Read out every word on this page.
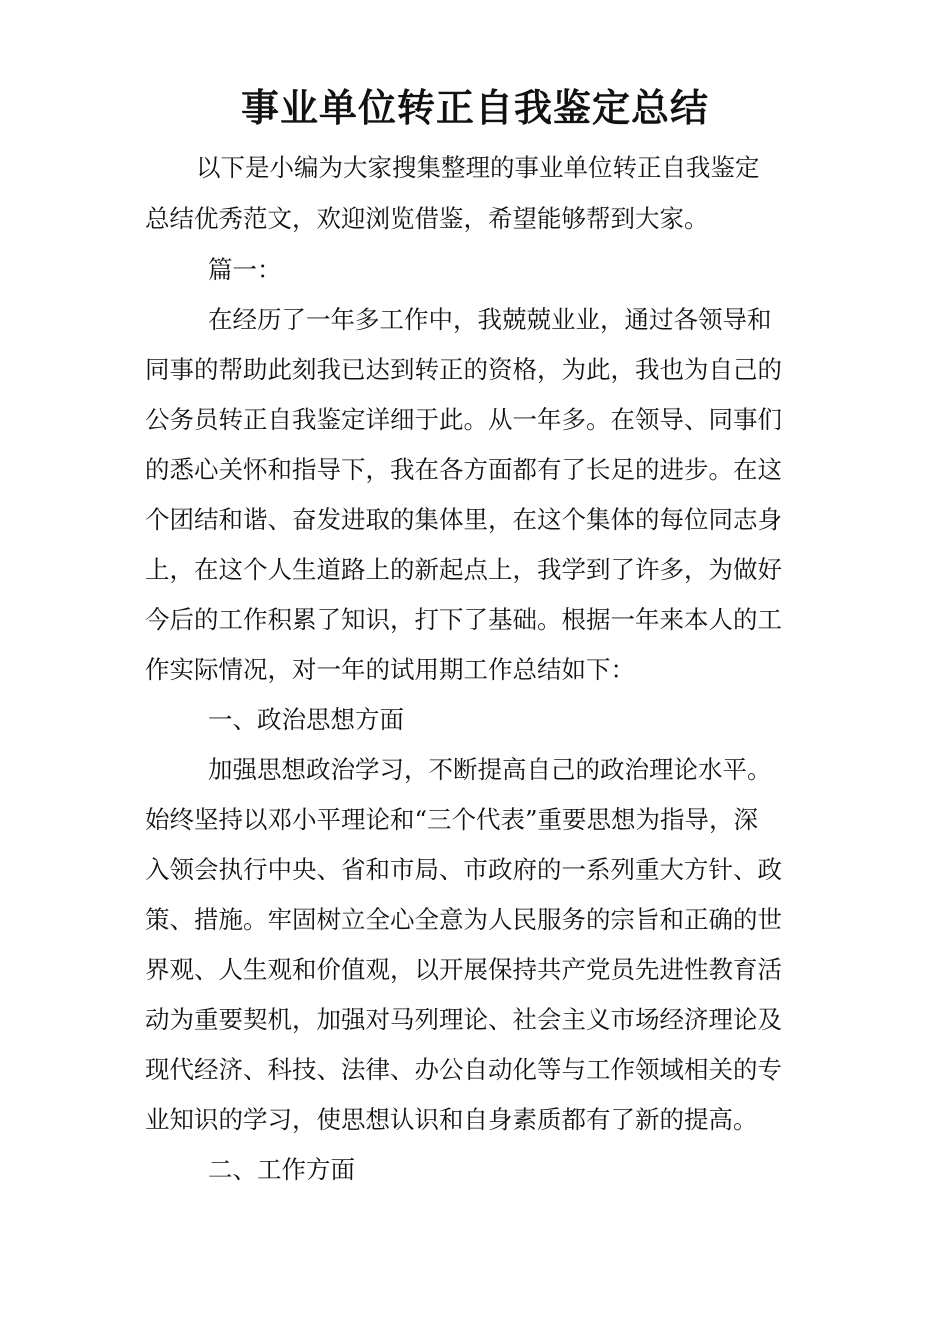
事业单位转正自我鉴定总结
以下是小编为大家搜集整理的事业单位转正自我鉴定
总结优秀范文，欢迎浏览借鉴，希望能够帮到大家。
篇一：
在经历了一年多工作中，我兢兢业业，通过各领导和
同事的帮助此刻我已达到转正的资格，为此，我也为自己的
公务员转正自我鉴定详细于此。从一年多。在领导、同事们
的悉心关怀和指导下，我在各方面都有了长足的进步。在这
个团结和谐、奋发进取的集体里，在这个集体的每位同志身
上，在这个人生道路上的新起点上，我学到了许多，为做好
今后的工作积累了知识，打下了基础。根据一年来本人的工
作实际情况，对一年的试用期工作总结如下：
一、政治思想方面
加强思想政治学习，不断提高自己的政治理论水平。
始终坚持以邓小平理论和“三个代表”重要思想为指导，深
入领会执行中央、省和市局、市政府的一系列重大方针、政
策、措施。牢固树立全心全意为人民服务的宗旨和正确的世
界观、人生观和价值观，以开展保持共产党员先进性教育活
动为重要契机，加强对马列理论、社会主义市场经济理论及
现代经济、科技、法律、办公自动化等与工作领域相关的专
业知识的学习，使思想认识和自身素质都有了新的提高。
二、工作方面
